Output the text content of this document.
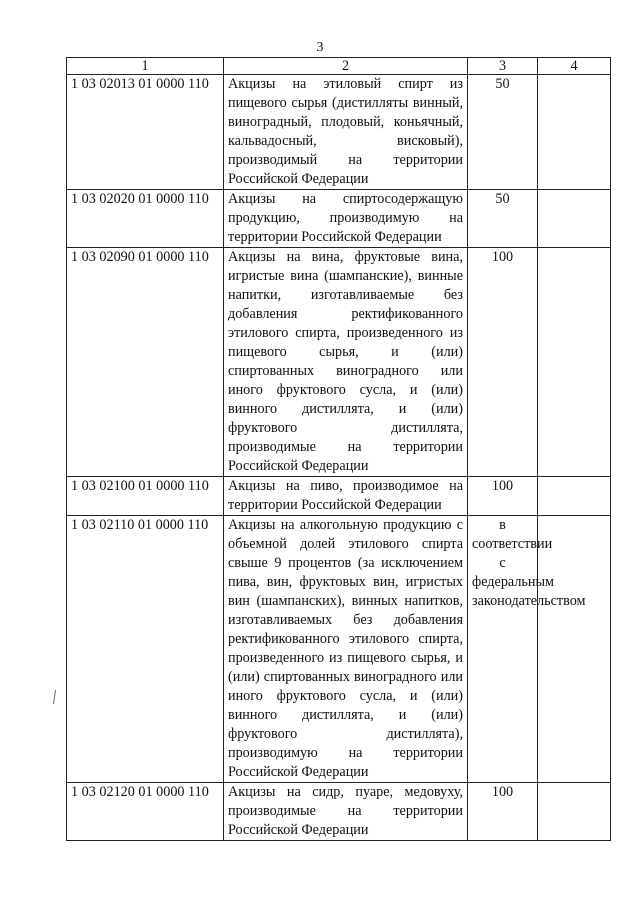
3
1	2	3	4
1 03 02013 01 0000 110	Акцизы на этиловый спирт из пищевого сырья (дистилляты винный, виноградный, плодовый, коньячный, кальвадосный, висковый), производимый на территории Российской Федерации	50	
1 03 02020 01 0000 110	Акцизы на спиртосодержащую продукцию, производимую на территории Российской Федерации	50	
1 03 02090 01 0000 110	Акцизы на вина, фруктовые вина, игристые вина (шампанские), винные напитки, изготавливаемые без добавления ректификованного этилового спирта, произведенного из пищевого сырья, и (или) спиртованных виноградного или иного фруктового сусла, и (или) винного дистиллята, и (или) фруктового дистиллята, производимые на территории Российской Федерации	100	
1 03 02100 01 0000 110	Акцизы на пиво, производимое на территории Российской Федерации	100	
1 03 02110 01 0000 110	Акцизы на алкогольную продукцию с объемной долей этилового спирта свыше 9 процентов (за исключением пива, вин, фруктовых вин, игристых вин (шампанских), винных напитков, изготавливаемых без добавления ректификованного этилового спирта, произведенного из пищевого сырья, и (или) спиртованных виноградного или иного фруктового сусла, и (или) винного дистиллята, и (или) фруктового дистиллята), производимую на территории Российской Федерации	в соответствии с федеральным законодательством	
1 03 02120 01 0000 110	Акцизы на сидр, пуаре, медовуху, производимые на территории Российской Федерации	100	
